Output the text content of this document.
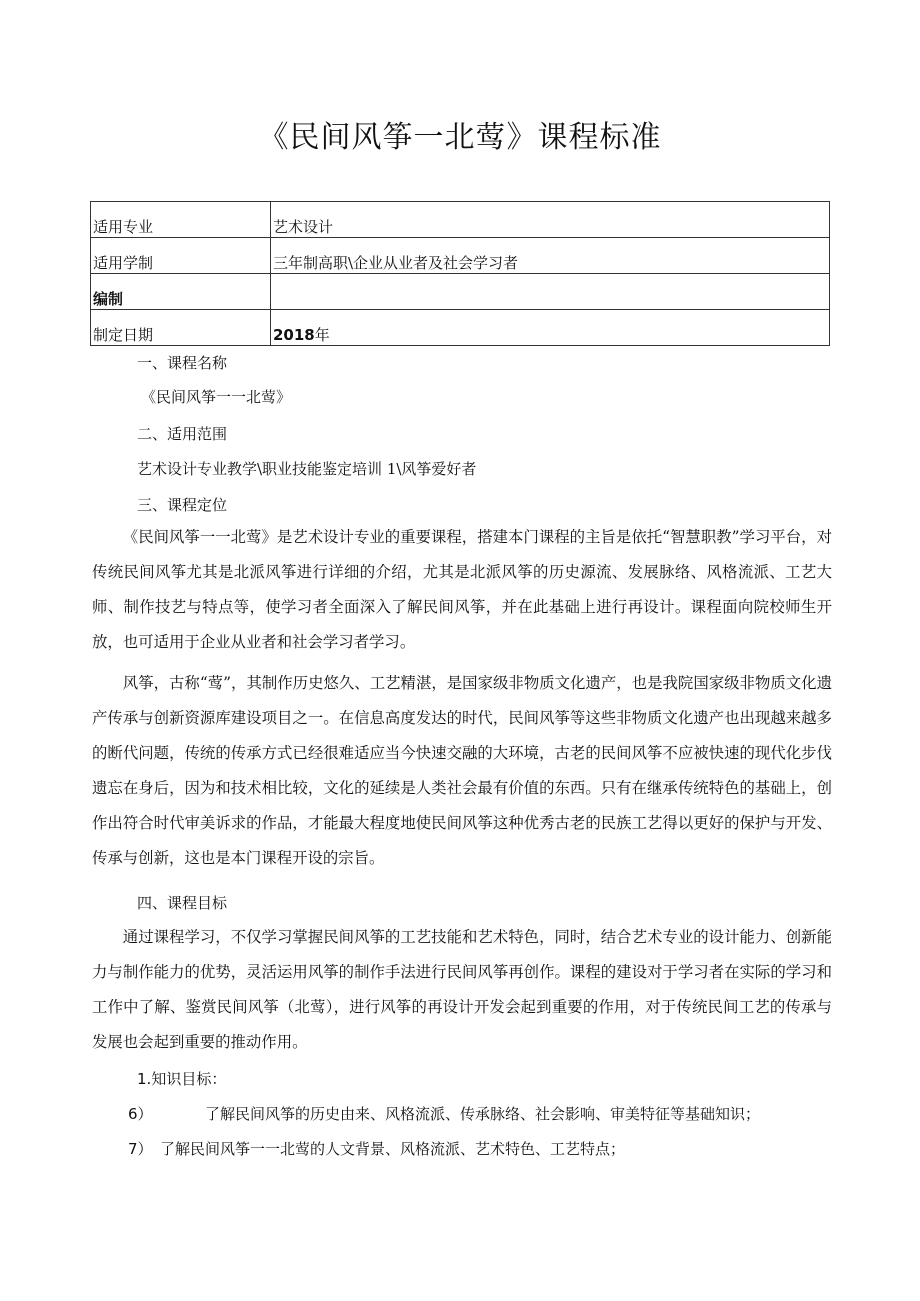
《民间风筝一北莺》课程标准
适用专业	艺术设计
适用学制	三年制高职\企业从业者及社会学习者
编制	
制定日期	2018年
一、课程名称
《民间风筝一一北莺》
二、适用范围
艺术设计专业教学\职业技能鉴定培训 1\风筝爱好者
三、课程定位

《民间风筝一一北莺》是艺术设计专业的重要课程，搭建本门课程的主旨是依托“智慧职教”学习平台，对传统民间风筝尤其是北派风筝进行详细的介绍，尤其是北派风筝的历史源流、发展脉络、风格流派、工艺大师、制作技艺与特点等，使学习者全面深入了解民间风筝，并在此基础上进行再设计。课程面向院校师生开放，也可适用于企业从业者和社会学习者学习。

风筝，古称“莺”，其制作历史悠久、工艺精湛，是国家级非物质文化遗产，也是我院国家级非物质文化遗产传承与创新资源库建设项目之一。在信息高度发达的时代，民间风筝等这些非物质文化遗产也出现越来越多的断代问题，传统的传承方式已经很难适应当今快速交融的大环境，古老的民间风筝不应被快速的现代化步伐遗忘在身后，因为和技术相比较，文化的延续是人类社会最有价值的东西。只有在继承传统特色的基础上，创作出符合时代审美诉求的作品，才能最大程度地使民间风筝这种优秀古老的民族工艺得以更好的保护与开发、传承与创新，这也是本门课程开设的宗旨。

四、课程目标

通过课程学习，不仅学习掌握民间风筝的工艺技能和艺术特色，同时，结合艺术专业的设计能力、创新能力与制作能力的优势，灵活运用风筝的制作手法进行民间风筝再创作。课程的建设对于学习者在实际的学习和工作中了解、鉴赏民间风筝（北莺），进行风筝的再设计开发会起到重要的作用，对于传统民间工艺的传承与发展也会起到重要的推动作用。

1.知识目标：
6）	了解民间风筝的历史由来、风格流派、传承脉络、社会影响、审美特征等基础知识；
7） 了解民间风筝一一北莺的人文背景、风格流派、艺术特色、工艺特点；
